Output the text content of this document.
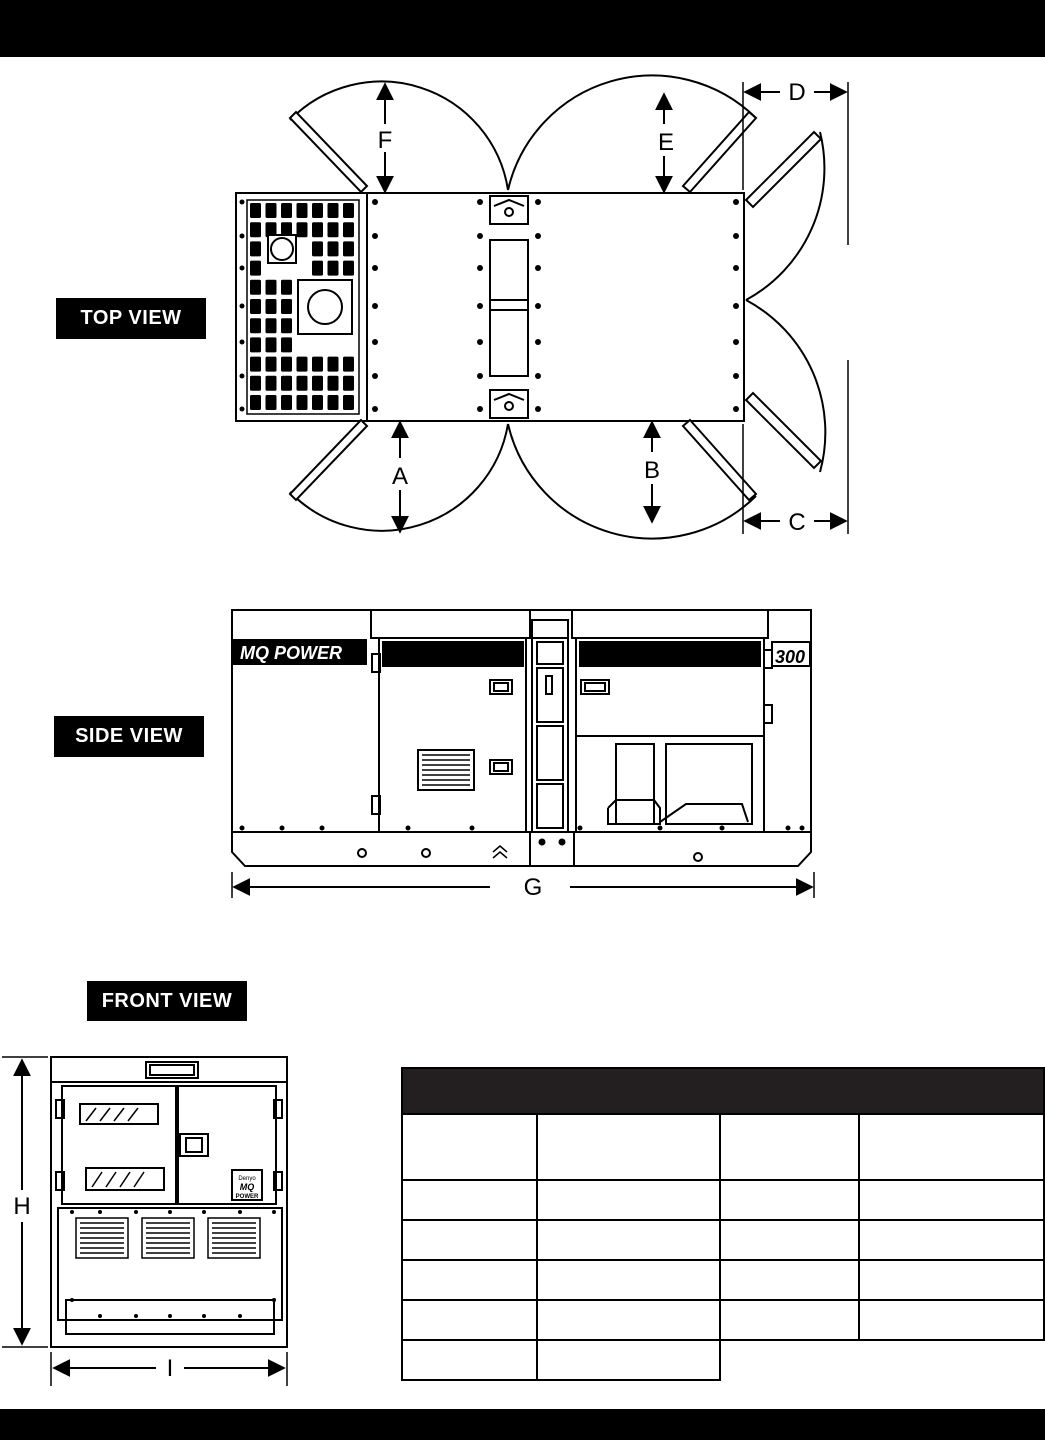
TOP VIEW
SIDE VIEW
FRONT VIEW
F	E
A	B
D
C
MQ POWER	300
G
Denyo
MQ
POWER
H
I
